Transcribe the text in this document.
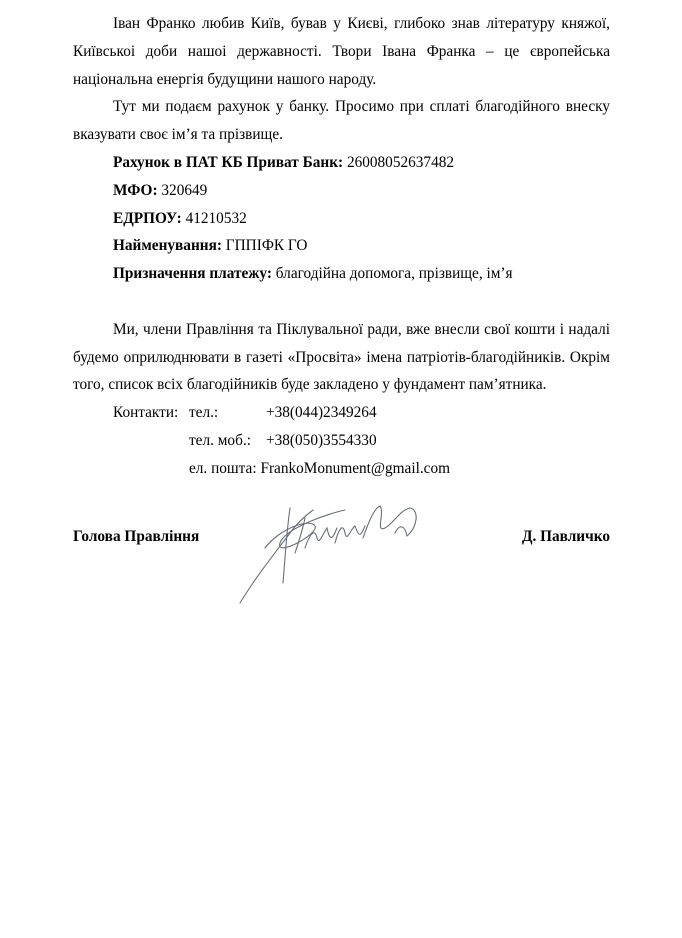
Іван Франко любив Київ, бував у Києві, глибоко знав літературу княжої,
Київськоі доби нашоі державності. Твори Івана Франка – це європейська
національна енергія будущини нашого народу.
Тут ми подаєм рахунок у банку. Просимо при сплаті благодійного внеску
вказувати своє ім’я та прізвище.
Рахунок в ПАТ КБ Приват Банк: 26008052637482
МФО: 320649
ЕДРПОУ: 41210532
Найменування: ГППІФК ГО
Призначення платежу: благодійна допомога, прізвище, ім’я
Ми, члени Правління та Піклувальної ради, вже внесли свої кошти і надалі
будемо оприлюднювати в газеті «Просвіта» імена патріотів-благодійників. Окрім
того, список всіх благодійників буде закладено у фундамент пам’ятника.
Контакти: тел.:	+38(044)2349264
тел. моб.: +38(050)3554330
ел. пошта: FrankoMonument@gmail.com
Голова Правління	Д. Павличко
